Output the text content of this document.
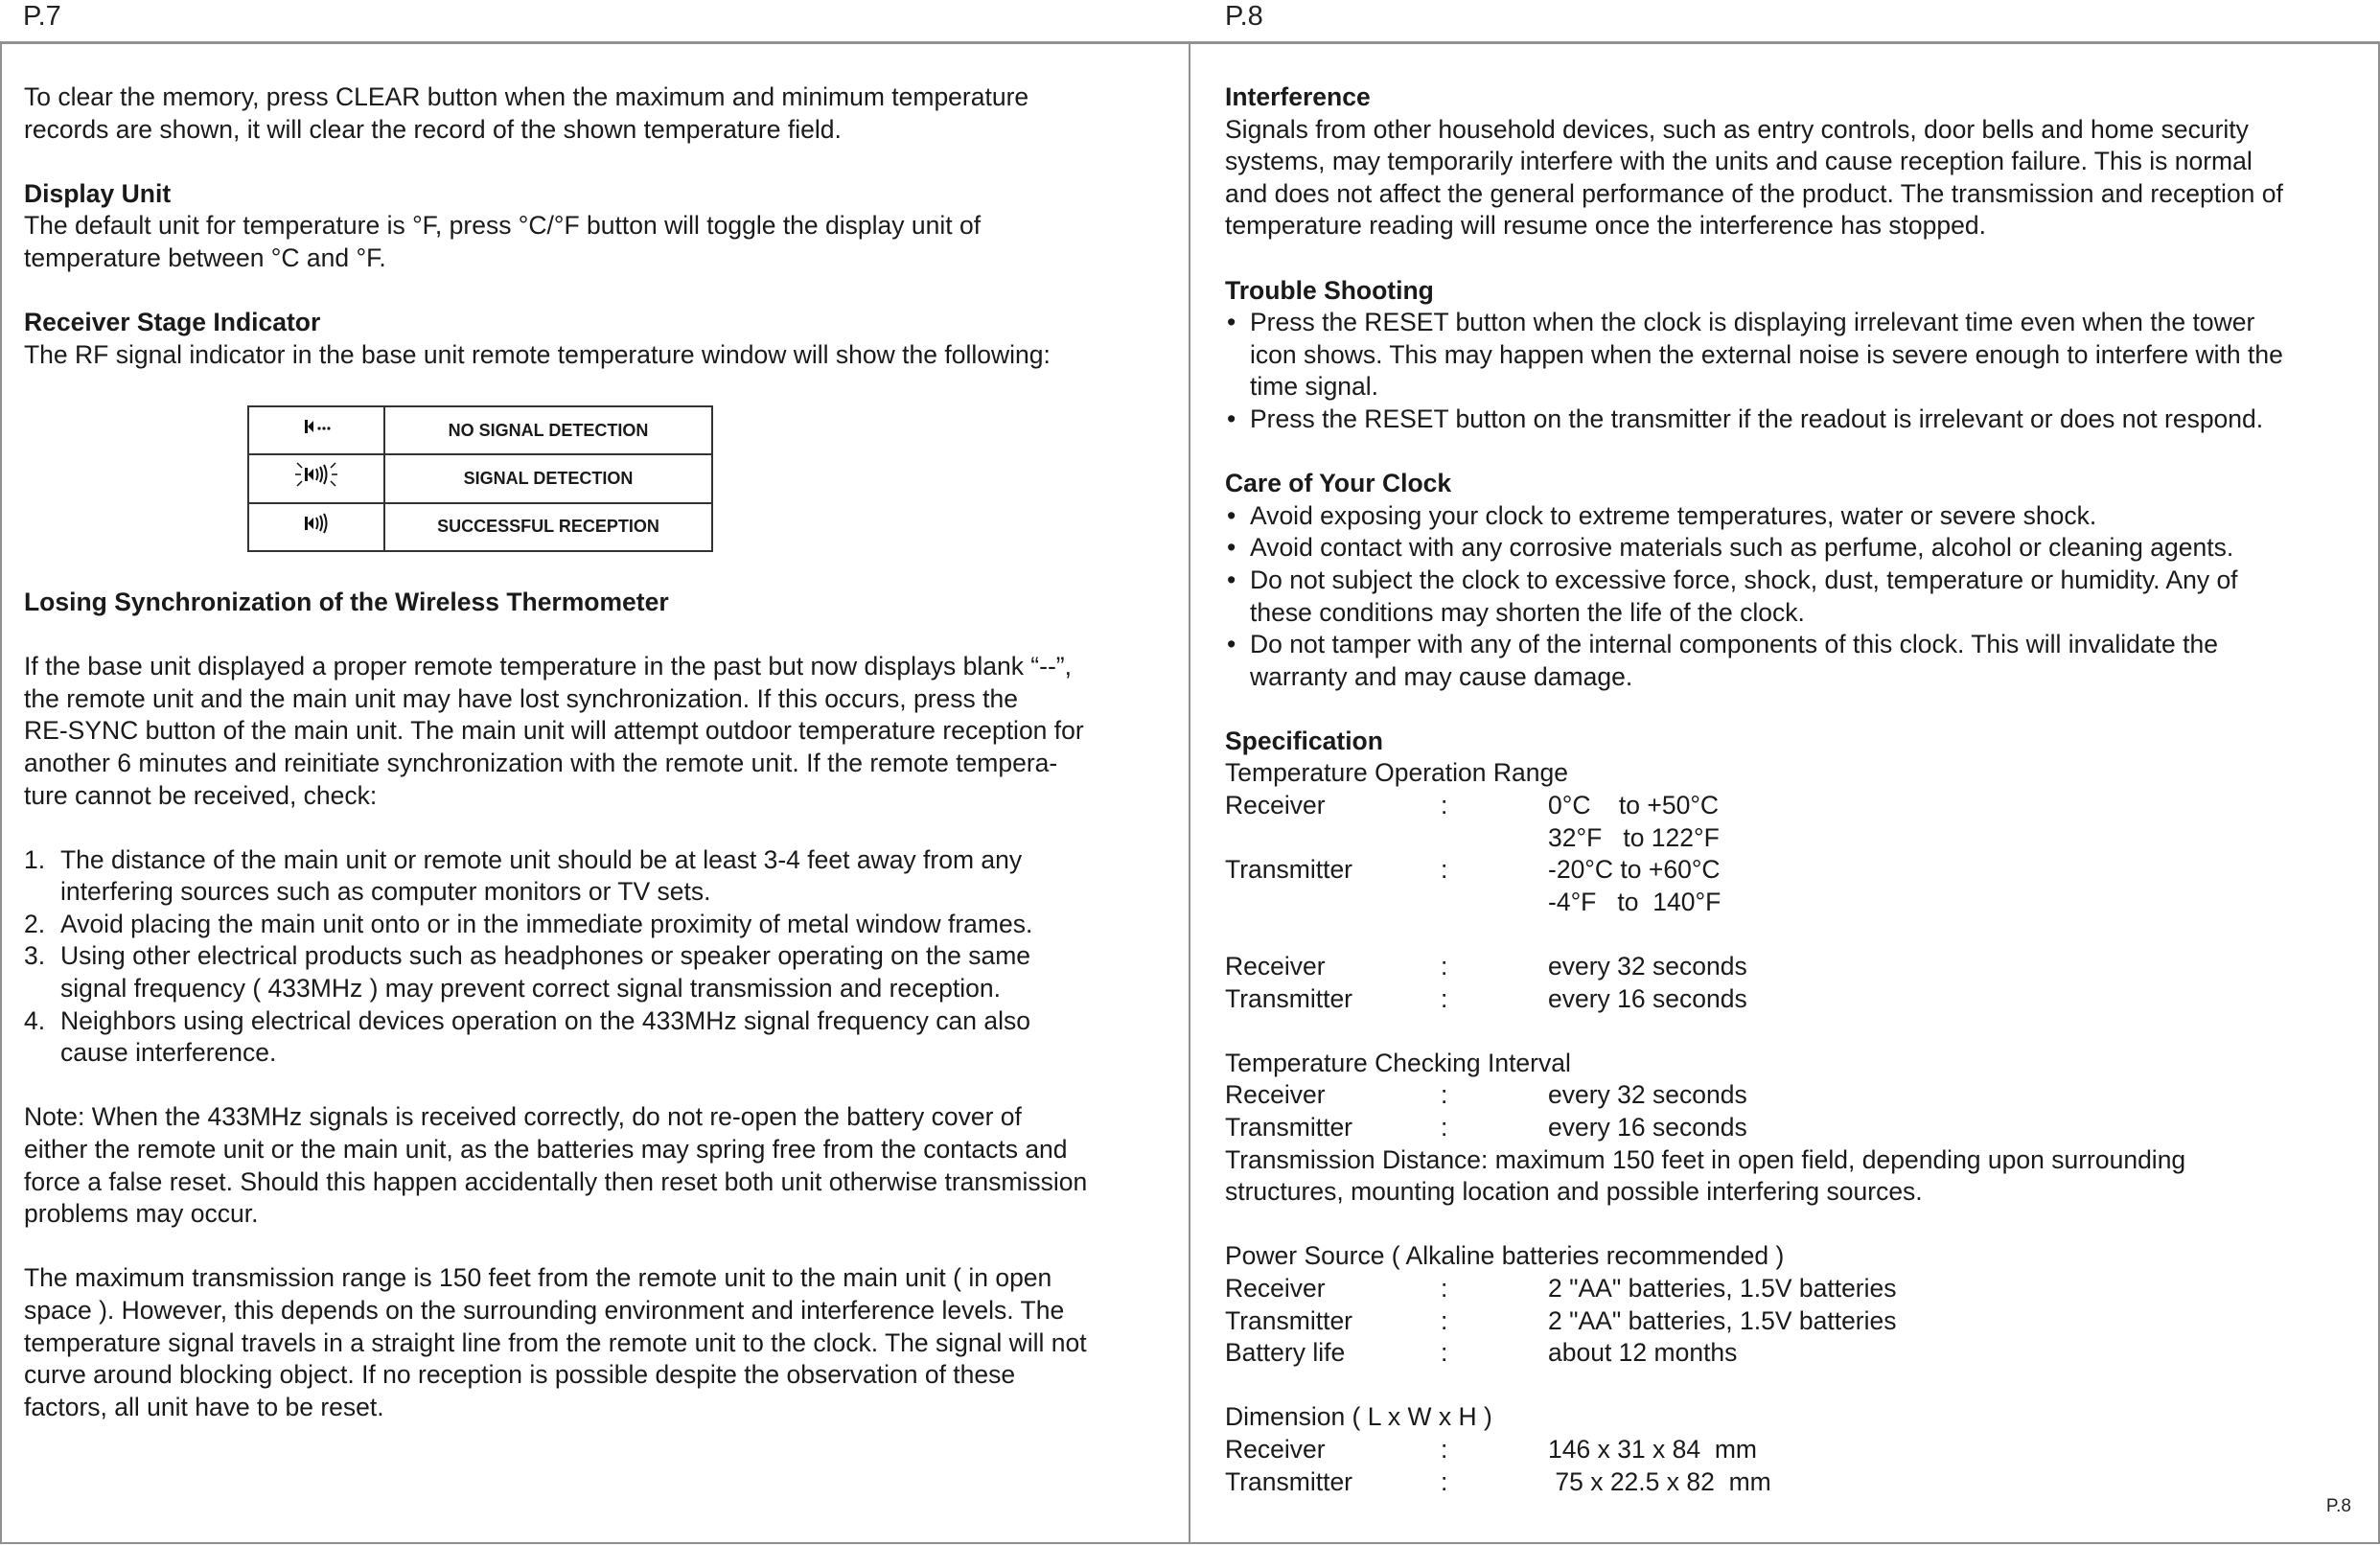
P.7	P.8

To clear the memory, press CLEAR button when the maximum and minimum temperature

records are shown, it will clear the record of the shown temperature field.

Display Unit

The default unit for temperature is °F, press °C/°F button will toggle the display unit of

temperature between °C and °F.

Receiver Stage Indicator

The RF signal indicator in the base unit remote temperature window will show the following:

	NO SIGNAL DETECTION
	SIGNAL DETECTION
	SUCCESSFUL RECEPTION

Losing Synchronization of the Wireless Thermometer

If the base unit displayed a proper remote temperature in the past but now displays blank “--”,

the remote unit and the main unit may have lost synchronization. If this occurs, press the

RE-SYNC button of the main unit. The main unit will attempt outdoor temperature reception for

another 6 minutes and reinitiate synchronization with the remote unit. If the remote tempera-

ture cannot be received, check:

1. The distance of the main unit or remote unit should be at least 3-4 feet away from any

interfering sources such as computer monitors or TV sets.

2. Avoid placing the main unit onto or in the immediate proximity of metal window frames.

3. Using other electrical products such as headphones or speaker operating on the same

signal frequency ( 433MHz ) may prevent correct signal transmission and reception.

4. Neighbors using electrical devices operation on the 433MHz signal frequency can also

cause interference.

Note: When the 433MHz signals is received correctly, do not re-open the battery cover of

either the remote unit or the main unit, as the batteries may spring free from the contacts and

force a false reset. Should this happen accidentally then reset both unit otherwise transmission

problems may occur.

The maximum transmission range is 150 feet from the remote unit to the main unit ( in open

space ). However, this depends on the surrounding environment and interference levels. The

temperature signal travels in a straight line from the remote unit to the clock. The signal will not

curve around blocking object. If no reception is possible despite the observation of these

factors, all unit have to be reset.

Interference

Signals from other household devices, such as entry controls, door bells and home security

systems, may temporarily interfere with the units and cause reception failure. This is normal

and does not affect the general performance of the product. The transmission and reception of

temperature reading will resume once the interference has stopped.

Trouble Shooting

• Press the RESET button when the clock is displaying irrelevant time even when the tower

icon shows. This may happen when the external noise is severe enough to interfere with the

time signal.

• Press the RESET button on the transmitter if the readout is irrelevant or does not respond.

Care of Your Clock

• Avoid exposing your clock to extreme temperatures, water or severe shock.

• Avoid contact with any corrosive materials such as perfume, alcohol or cleaning agents.

• Do not subject the clock to excessive force, shock, dust, temperature or humidity. Any of

these conditions may shorten the life of the clock.

• Do not tamper with any of the internal components of this clock. This will invalidate the

warranty and may cause damage.

Specification

Temperature Operation Range

Receiver	:	0°C    to +50°C
32°F   to 122°F
Transmitter	:	-20°C to +60°C
-4°F   to  140°F
Receiver	:	every 32 seconds
Transmitter	:	every 16 seconds

Temperature Checking Interval

Receiver	:	every 32 seconds
Transmitter	:	every 16 seconds

Transmission Distance: maximum 150 feet in open field, depending upon surrounding

structures, mounting location and possible interfering sources.

Power Source ( Alkaline batteries recommended )

Receiver	:	2 "AA" batteries, 1.5V batteries
Transmitter	:	2 "AA" batteries, 1.5V batteries
Battery life	:	about 12 months

Dimension ( L x W x H )

Receiver	:	146 x 31 x 84  mm
Transmitter	:	75 x 22.5 x 82  mm
P.8
